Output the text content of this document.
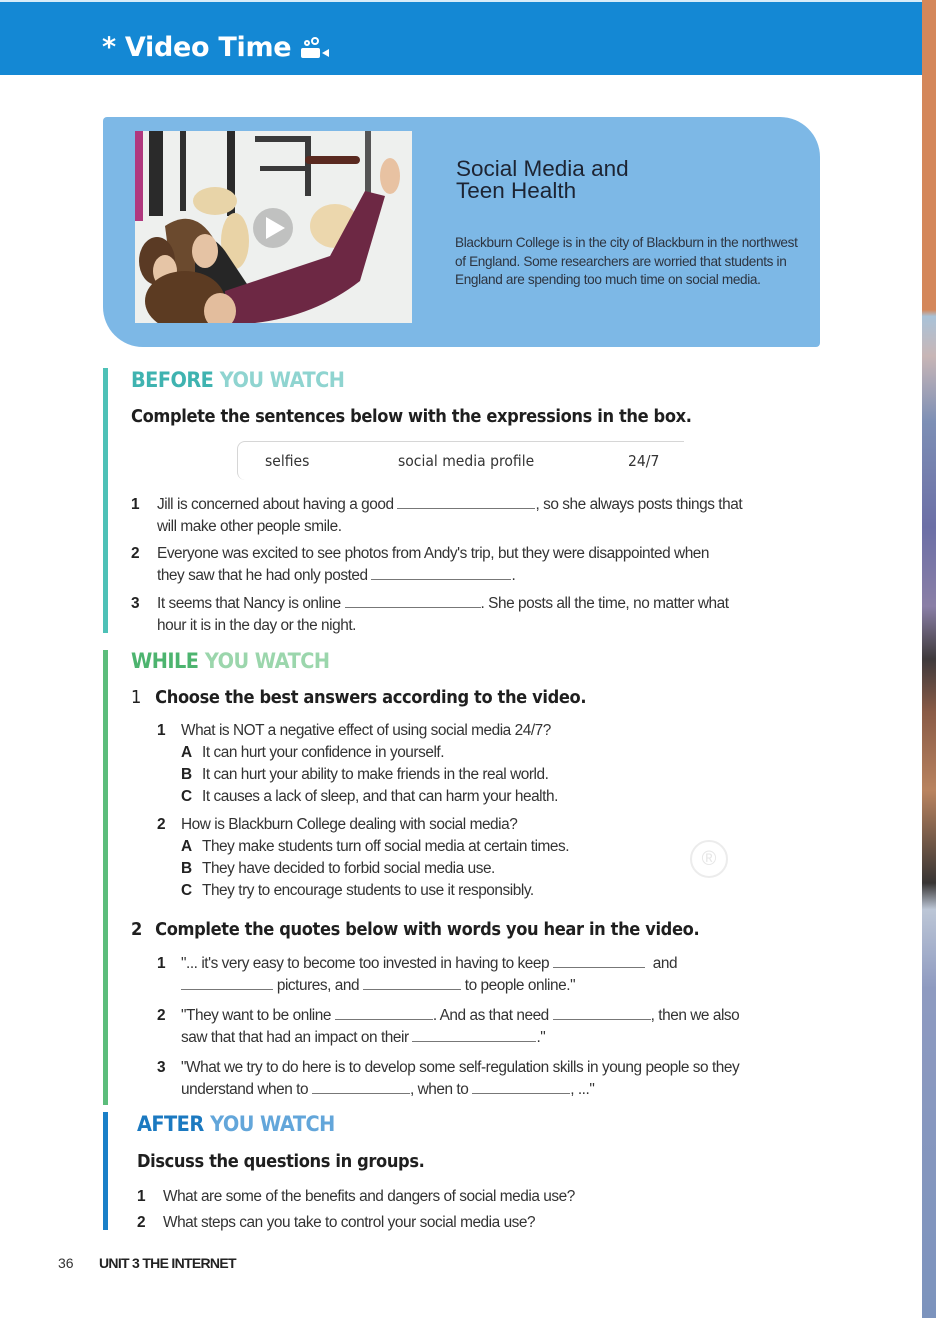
* Video Time
Social Media and
Teen Health
Blackburn College is in the city of Blackburn in the northwest of England. Some researchers are worried that students in England are spending too much time on social media.
BEFORE YOU WATCH
Complete the sentences below with the expressions in the box.
selfies	social media profile	24/7
1 Jill is concerned about having a good	, so she always posts things that
will make other people smile.
2 Everyone was excited to see photos from Andy's trip, but they were disappointed when
they saw that he had only posted	.
3 It seems that Nancy is online	. She posts all the time, no matter what
hour it is in the day or the night.
WHILE YOU WATCH
1 Choose the best answers according to the video.
1 What is NOT a negative effect of using social media 24/7?
A It can hurt your confidence in yourself.
B It can hurt your ability to make friends in the real world.
C It causes a lack of sleep, and that can harm your health.
2 How is Blackburn College dealing with social media?
A They make students turn off social media at certain times.
B They have decided to forbid social media use.
C They try to encourage students to use it responsibly.
®
2 Complete the quotes below with words you hear in the video.
1 "... it's very easy to become too invested in having to keep	and
pictures, and	to people online."
2 "They want to be online	. And as that need	, then we also
saw that that had an impact on their	."
3 "What we try to do here is to develop some self-regulation skills in young people so they
understand when to	, when to	, ..."
AFTER YOU WATCH
Discuss the questions in groups.
1 What are some of the benefits and dangers of social media use?
2 What steps can you take to control your social media use?
36 UNIT 3 THE INTERNET
